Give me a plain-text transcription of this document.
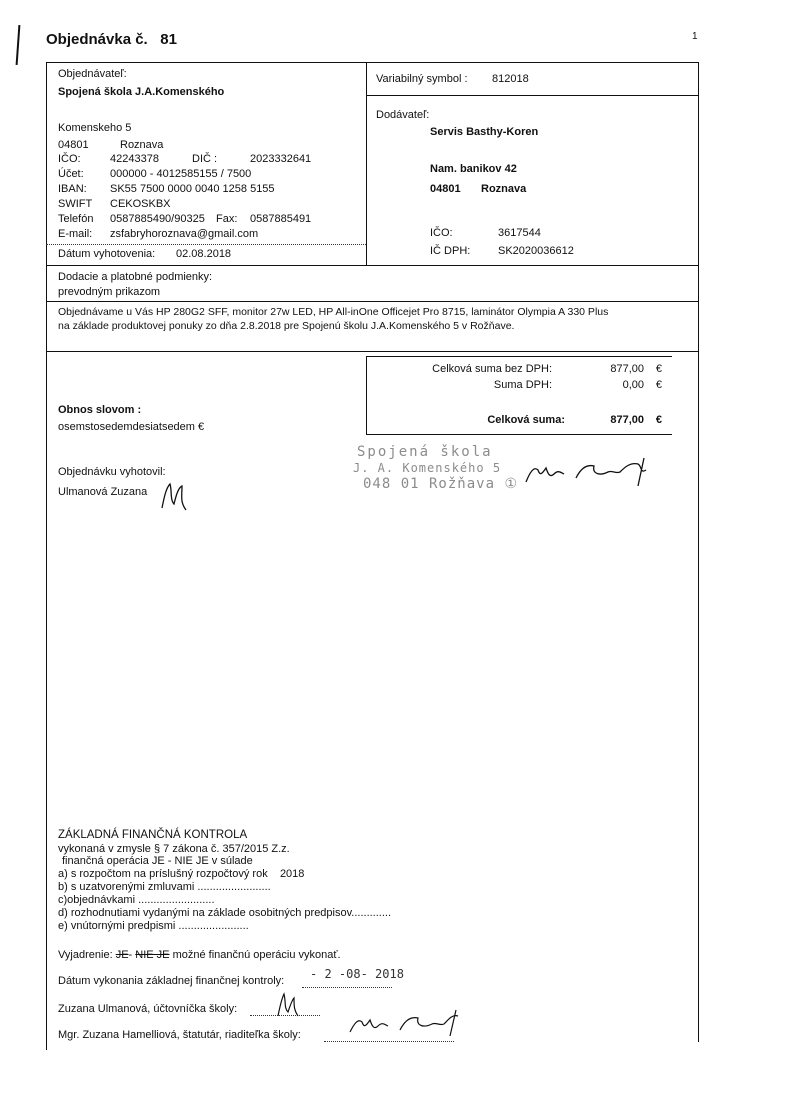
Objednávka č. 81	1
Objednávateľ:
Spojená škola J.A.Komenského
Komenskeho 5
04801	Roznava
IČO:	42243378	DIČ :	2023332641
Účet: 000000 - 4012585155 / 7500
IBAN: SK55 7500 0000 0040 1258 5155
SWIFT CEKOSKBX
Telefón 0587885490/90325 Fax: 0587885491
E-mail: zsfabryhoroznava@gmail.com
Dátum vyhotovenia: 02.08.2018
Variabilný symbol : 812018
Dodávateľ:
Servis Basthy-Koren
Nam. banikov 42
04801 Roznava
IČO:	3617544
IČ DPH:	SK2020036612
Dodacie a platobné podmienky:
prevodným prikazom
Objednávame u Vás HP 280G2 SFF, monitor 27w LED, HP All-inOne Officejet Pro 8715, laminátor Olympia A 330 Plus
na základe produktovej ponuky zo dňa 2.8.2018 pre Spojenú školu J.A.Komenského 5 v Rožňave.
Celková suma bez DPH:	877,00 €
Suma DPH:	0,00 €
Celková suma:	877,00 €
Obnos slovom :
osemstosedemdesiatsedem €
Objednávku vyhotovil:
Ulmanová Zuzana
Spojená škola
J. A. Komenského 5
048 01 Rožňava ①
ZÁKLADNÁ FINANČNÁ KONTROLA
vykonaná v zmysle § 7 zákona č. 357/2015 Z.z.
finančná operácia JE - NIE JE v súlade
a) s rozpočtom na príslušný rozpočtový rok 2018
b) s uzatvorenými zmluvami ........................
c)objednávkami .........................
d) rozhodnutiami vydanými na základe osobitných predpisov.............
e) vnútornými predpismi .......................
Vyjadrenie: JE- NIE JE možné finančnú operáciu vykonať.
Dátum vykonania základnej finančnej kontroly: - 2 -08- 2018
Zuzana Ulmanová, účtovníčka školy:
Mgr. Zuzana Hamelliová, štatutár, riaditeľka školy:
